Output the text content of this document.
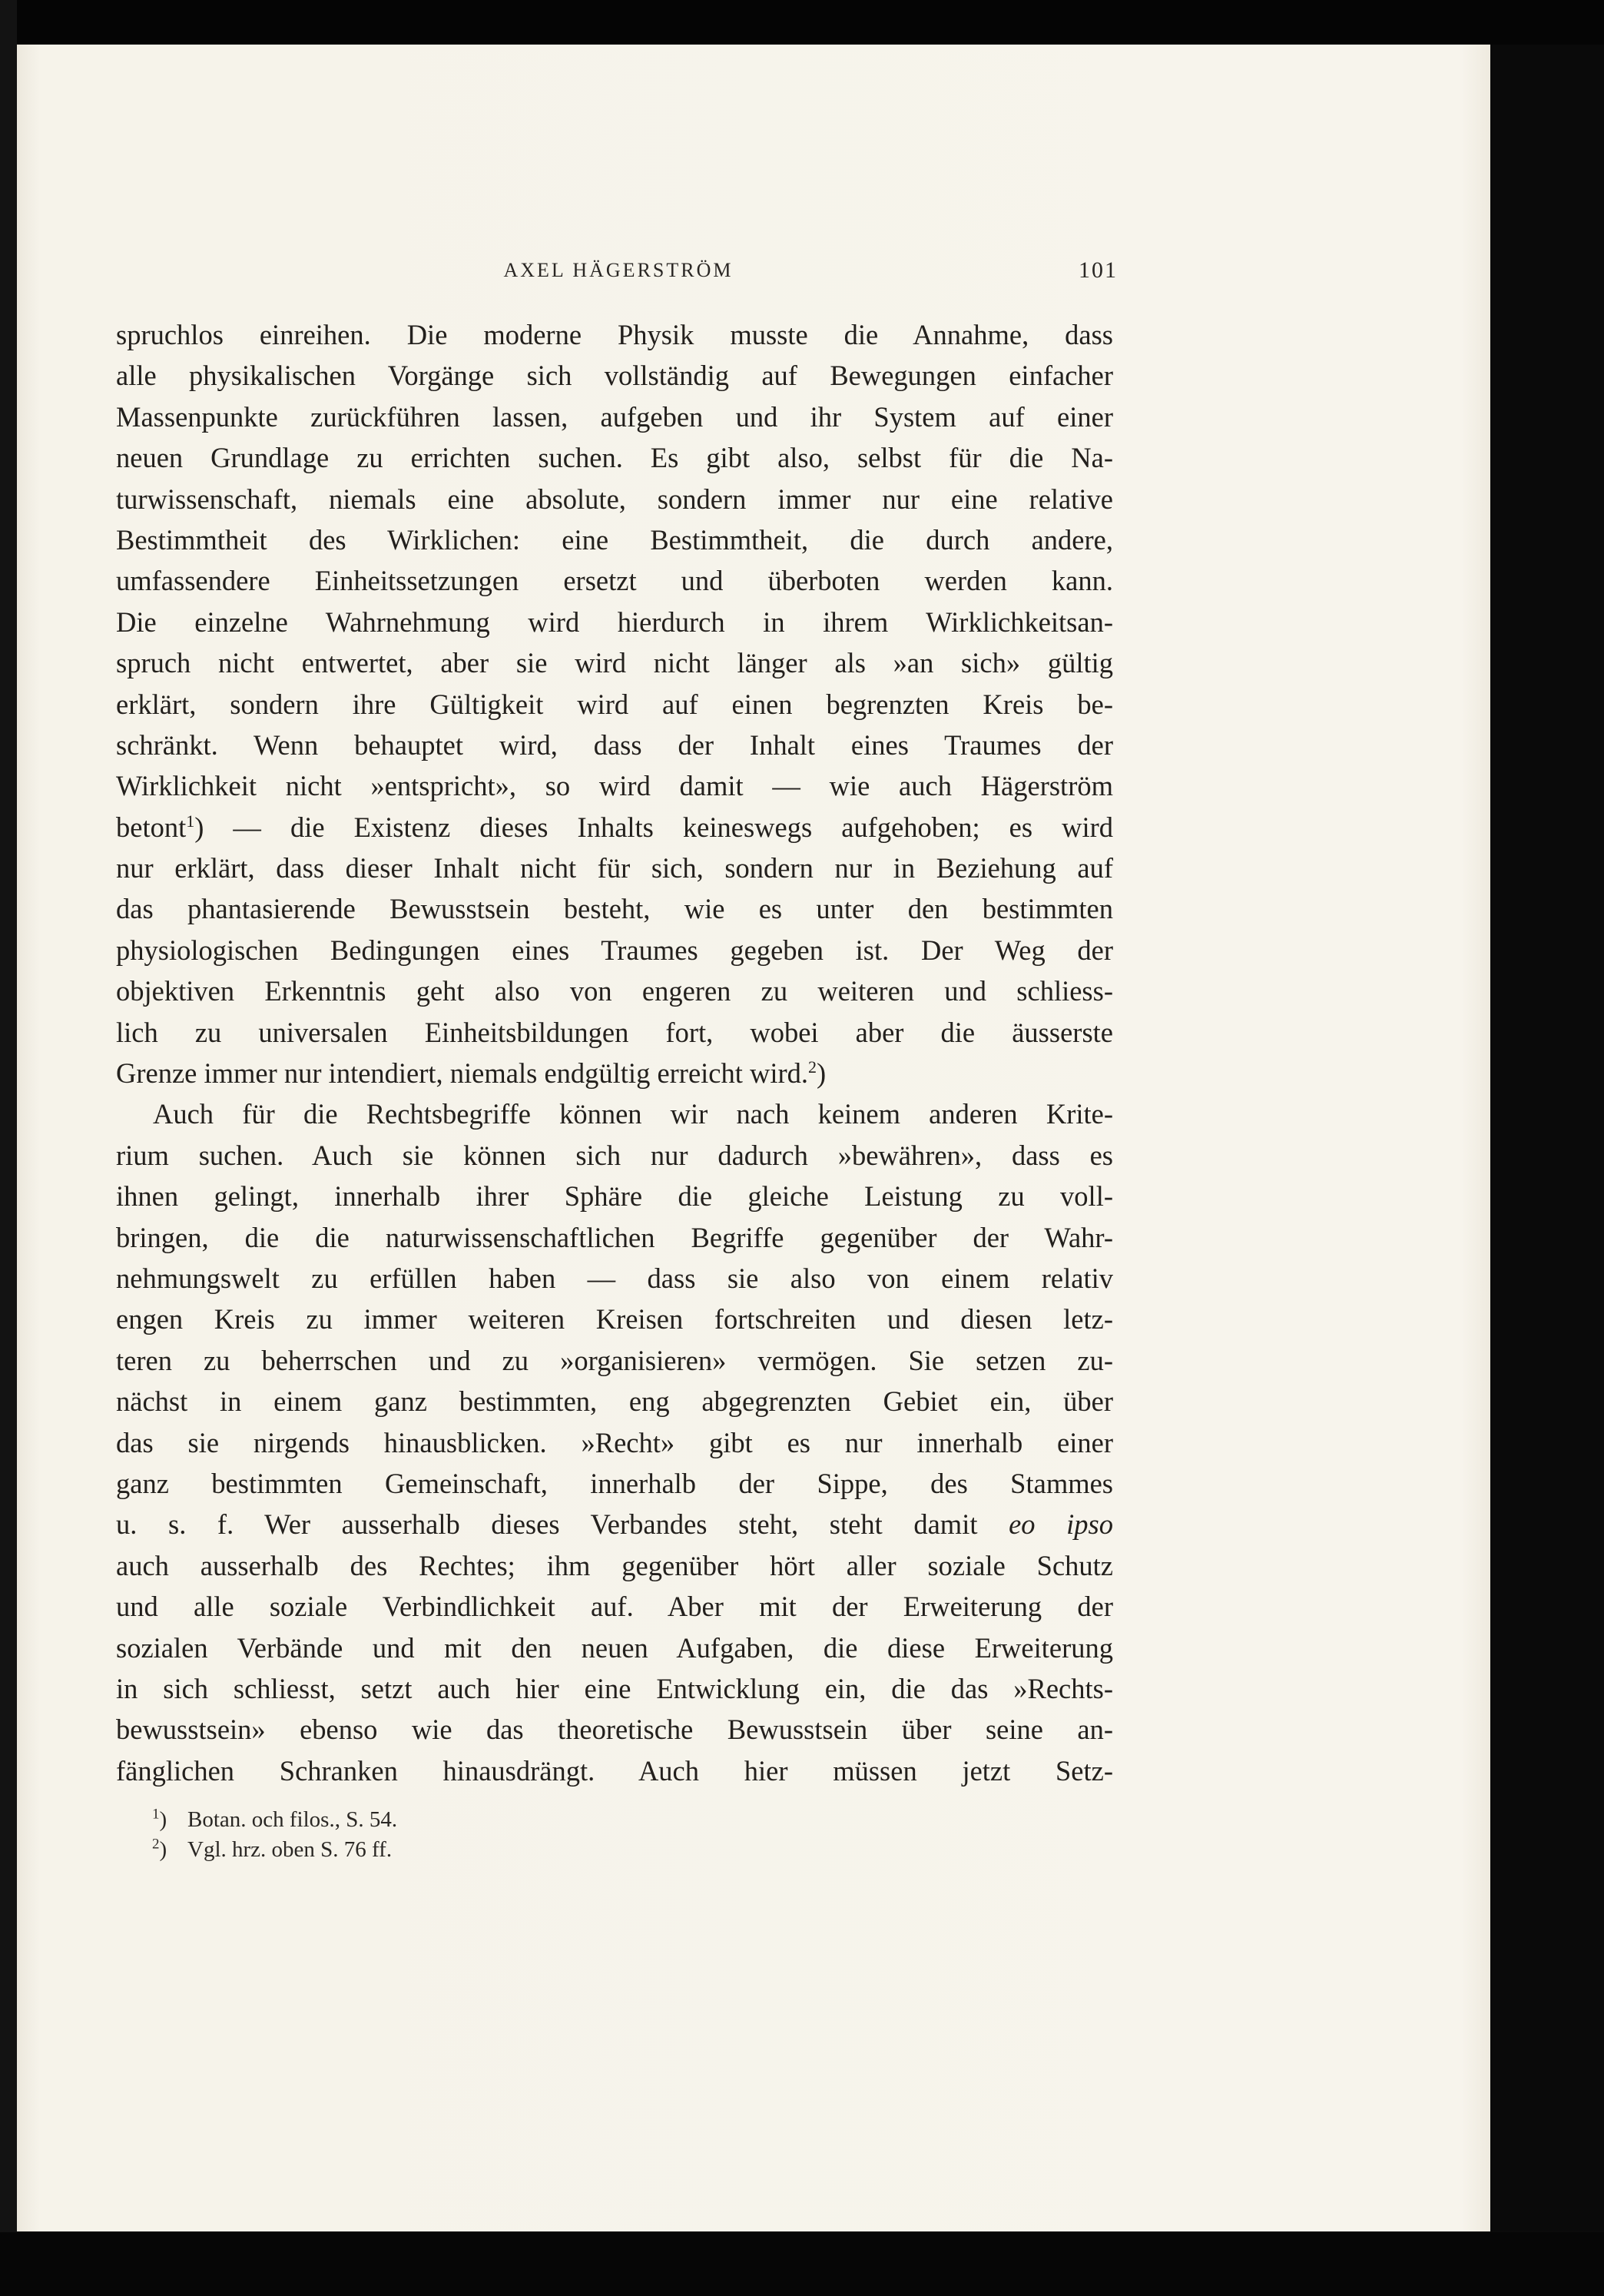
AXEL HÄGERSTRÖM	101
spruchlos einreihen. Die moderne Physik musste die Annahme, dass
alle physikalischen Vorgänge sich vollständig auf Bewegungen einfacher
Massenpunkte zurückführen lassen, aufgeben und ihr System auf einer
neuen Grundlage zu errichten suchen. Es gibt also, selbst für die Na-
turwissenschaft, niemals eine absolute, sondern immer nur eine relative
Bestimmtheit des Wirklichen: eine Bestimmtheit, die durch andere,
umfassendere Einheitssetzungen ersetzt und überboten werden kann.
Die einzelne Wahrnehmung wird hierdurch in ihrem Wirklichkeitsan-
spruch nicht entwertet, aber sie wird nicht länger als »an sich» gültig
erklärt, sondern ihre Gültigkeit wird auf einen begrenzten Kreis be-
schränkt. Wenn behauptet wird, dass der Inhalt eines Traumes der
Wirklichkeit nicht »entspricht», so wird damit — wie auch Hägerström
betont$^1$) — die Existenz dieses Inhalts keineswegs aufgehoben; es wird
nur erklärt, dass dieser Inhalt nicht für sich, sondern nur in Beziehung auf
das phantasierende Bewusstsein besteht, wie es unter den bestimmten
physiologischen Bedingungen eines Traumes gegeben ist. Der Weg der
objektiven Erkenntnis geht also von engeren zu weiteren und schliess-
lich zu universalen Einheitsbildungen fort, wobei aber die äusserste
Grenze immer nur intendiert, niemals endgültig erreicht wird.$^2$)
Auch für die Rechtsbegriffe können wir nach keinem anderen Krite-
rium suchen. Auch sie können sich nur dadurch »bewähren», dass es
ihnen gelingt, innerhalb ihrer Sphäre die gleiche Leistung zu voll-
bringen, die die naturwissenschaftlichen Begriffe gegenüber der Wahr-
nehmungswelt zu erfüllen haben — dass sie also von einem relativ
engen Kreis zu immer weiteren Kreisen fortschreiten und diesen letz-
teren zu beherrschen und zu »organisieren» vermögen. Sie setzen zu-
nächst in einem ganz bestimmten, eng abgegrenzten Gebiet ein, über
das sie nirgends hinausblicken. »Recht» gibt es nur innerhalb einer
ganz bestimmten Gemeinschaft, innerhalb der Sippe, des Stammes
u. s. f. Wer ausserhalb dieses Verbandes steht, steht damit eo ipso
auch ausserhalb des Rechtes; ihm gegenüber hört aller soziale Schutz
und alle soziale Verbindlichkeit auf. Aber mit der Erweiterung der
sozialen Verbände und mit den neuen Aufgaben, die diese Erweiterung
in sich schliesst, setzt auch hier eine Entwicklung ein, die das »Rechts-
bewusstsein» ebenso wie das theoretische Bewusstsein über seine an-
fänglichen Schranken hinausdrängt. Auch hier müssen jetzt Setz-
$^1$) Botan. och filos., S. 54.
$^2$) Vgl. hrz. oben S. 76 ff.
